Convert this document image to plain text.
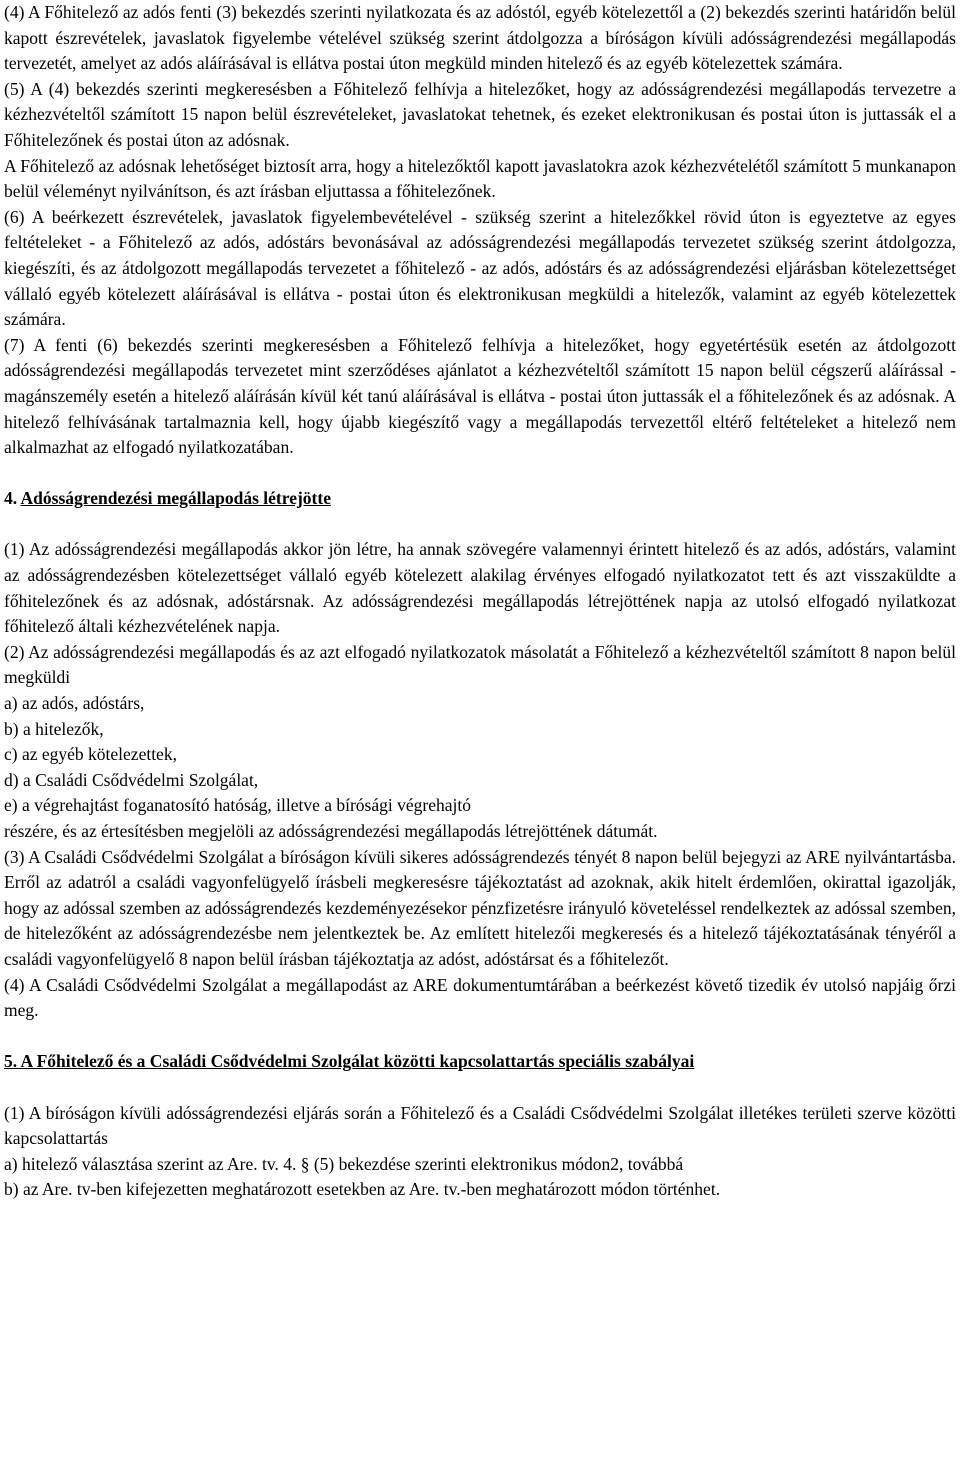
(4) A Főhitelező az adós fenti (3) bekezdés szerinti nyilatkozata és az adóstól, egyéb kötelezettől a (2) bekezdés szerinti határidőn belül kapott észrevételek, javaslatok figyelembe vételével szükség szerint átdolgozza a bíróságon kívüli adósságrendezési megállapodás tervezetét, amelyet az adós aláírásával is ellátva postai úton megküld minden hitelező és az egyéb kötelezettek számára.

(5) A (4) bekezdés szerinti megkeresésben a Főhitelező felhívja a hitelezőket, hogy az adósságrendezési megállapodás tervezetre a kézhezvételtől számított 15 napon belül észrevételeket, javaslatokat tehetnek, és ezeket elektronikusan és postai úton is juttassák el a Főhitelezőnek és postai úton az adósnak.

A Főhitelező az adósnak lehetőséget biztosít arra, hogy a hitelezőktől kapott javaslatokra azok kézhezvételétől számított 5 munkanapon belül véleményt nyilvánítson, és azt írásban eljuttassa a főhitelezőnek.

(6) A beérkezett észrevételek, javaslatok figyelembevételével - szükség szerint a hitelezőkkel rövid úton is egyeztetve az egyes feltételeket - a Főhitelező az adós, adóstárs bevonásával az adósságrendezési megállapodás tervezetet szükség szerint átdolgozza, kiegészíti, és az átdolgozott megállapodás tervezetet a főhitelező - az adós, adóstárs és az adósságrendezési eljárásban kötelezettséget vállaló egyéb kötelezett aláírásával is ellátva - postai úton és elektronikusan megküldi a hitelezők, valamint az egyéb kötelezettek számára.

(7) A fenti (6) bekezdés szerinti megkeresésben a Főhitelező felhívja a hitelezőket, hogy egyetértésük esetén az átdolgozott adósságrendezési megállapodás tervezetet mint szerződéses ajánlatot a kézhezvételtől számított 15 napon belül cégszerű aláírással - magánszemély esetén a hitelező aláírásán kívül két tanú aláírásával is ellátva - postai úton juttassák el a főhitelezőnek és az adósnak. A hitelező felhívásának tartalmaznia kell, hogy újabb kiegészítő vagy a megállapodás tervezettől eltérő feltételeket a hitelező nem alkalmazhat az elfogadó nyilatkozatában.

4. Adósságrendezési megállapodás létrejötte

(1) Az adósságrendezési megállapodás akkor jön létre, ha annak szövegére valamennyi érintett hitelező és az adós, adóstárs, valamint az adósságrendezésben kötelezettséget vállaló egyéb kötelezett alakilag érvényes elfogadó nyilatkozatot tett és azt visszaküldte a főhitelezőnek és az adósnak, adóstársnak. Az adósságrendezési megállapodás létrejöttének napja az utolsó elfogadó nyilatkozat főhitelező általi kézhezvételének napja.

(2) Az adósságrendezési megállapodás és az azt elfogadó nyilatkozatok másolatát a Főhitelező a kézhezvételtől számított 8 napon belül megküldi

a) az adós, adóstárs,

b) a hitelezők,

c) az egyéb kötelezettek,

d) a Családi Csődvédelmi Szolgálat,

e) a végrehajtást foganatosító hatóság, illetve a bírósági végrehajtó

részére, és az értesítésben megjelöli az adósságrendezési megállapodás létrejöttének dátumát.

(3) A Családi Csődvédelmi Szolgálat a bíróságon kívüli sikeres adósságrendezés tényét 8 napon belül bejegyzi az ARE nyilvántartásba. Erről az adatról a családi vagyonfelügyelő írásbeli megkeresésre tájékoztatást ad azoknak, akik hitelt érdemlően, okirattal igazolják, hogy az adóssal szemben az adósságrendezés kezdeményezésekor pénzfizetésre irányuló követeléssel rendelkeztek az adóssal szemben, de hitelezőként az adósságrendezésbe nem jelentkeztek be. Az említett hitelezői megkeresés és a hitelező tájékoztatásának tényéről a családi vagyonfelügyelő 8 napon belül írásban tájékoztatja az adóst, adóstársat és a főhitelezőt.

(4) A Családi Csődvédelmi Szolgálat a megállapodást az ARE dokumentumtárában a beérkezést követő tizedik év utolsó napjáig őrzi meg.

5. A Főhitelező és a Családi Csődvédelmi Szolgálat közötti kapcsolattartás speciális szabályai

(1) A bíróságon kívüli adósságrendezési eljárás során a Főhitelező és a Családi Csődvédelmi Szolgálat illetékes területi szerve közötti kapcsolattartás

a) hitelező választása szerint az Are. tv. 4. § (5) bekezdése szerinti elektronikus módon2, továbbá

b) az Are. tv-ben kifejezetten meghatározott esetekben az Are. tv.-ben meghatározott módon történhet.
